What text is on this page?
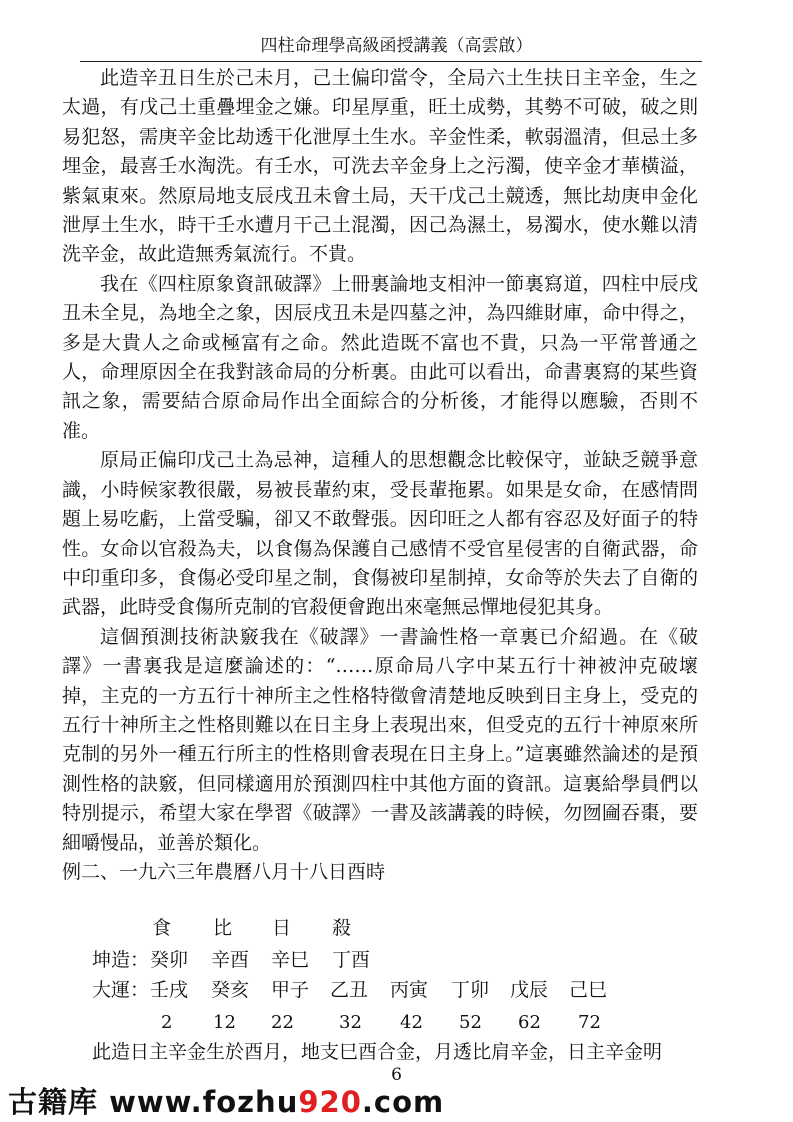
四柱命理學高級函授講義（高雲啟）

此造辛丑日生於己未月，己土偏印當令，全局六土生扶日主辛金，生之太過，有戊己土重疊埋金之嫌。印星厚重，旺土成勢，其勢不可破，破之則易犯怒，需庚辛金比劫透干化泄厚土生水。辛金性柔，軟弱溫清，但忌土多埋金，最喜壬水淘洗。有壬水，可洗去辛金身上之污濁，使辛金才華橫溢，紫氣東來。然原局地支辰戌丑未會土局，天干戊己土競透，無比劫庚申金化泄厚土生水，時干壬水遭月干己土混濁，因己為濕土，易濁水，使水難以清洗辛金，故此造無秀氣流行。不貴。

我在《四柱原象資訊破譯》上冊裏論地支相沖一節裏寫道，四柱中辰戌丑未全見，為地全之象，因辰戌丑未是四墓之沖，為四維財庫，命中得之，多是大貴人之命或極富有之命。然此造既不富也不貴，只為一平常普通之人，命理原因全在我對該命局的分析裏。由此可以看出，命書裏寫的某些資訊之象，需要結合原命局作出全面綜合的分析後，才能得以應驗，否則不准。

原局正偏印戊己土為忌神，這種人的思想觀念比較保守，並缺乏競爭意識，小時候家教很嚴，易被長輩約束，受長輩拖累。如果是女命，在感情問題上易吃虧，上當受騙，卻又不敢聲張。因印旺之人都有容忍及好面子的特性。女命以官殺為夫，以食傷為保護自己感情不受官星侵害的自衛武器，命中印重印多，食傷必受印星之制，食傷被印星制掉，女命等於失去了自衛的武器，此時受食傷所克制的官殺便會跑出來毫無忌憚地侵犯其身。

這個預測技術訣竅我在《破譯》一書論性格一章裏已介紹過。在《破譯》一書裏我是這麼論述的：“……原命局八字中某五行十神被沖克破壞掉，主克的一方五行十神所主之性格特徵會清楚地反映到日主身上，受克的五行十神所主之性格則難以在日主身上表現出來，但受克的五行十神原來所克制的另外一種五行所主的性格則會表現在日主身上。”這裏雖然論述的是預測性格的訣竅，但同樣適用於預測四柱中其他方面的資訊。這裏給學員們以特別提示，希望大家在學習《破譯》一書及該講義的時候，勿囫圇吞棗，要細嚼慢品，並善於類化。

例二、一九六三年農曆八月十八日酉時

食 比 日 殺
坤造： 癸卯 辛酉 辛巳 丁酉
大運： 壬戌 癸亥 甲子 乙丑 丙寅 丁卯 戊辰 己巳
2 12 22	32 42 52 62 72
此造日主辛金生於酉月，地支巳酉合金，月透比肩辛金，日主辛金明
6
古籍库 www.fozhu920.com
